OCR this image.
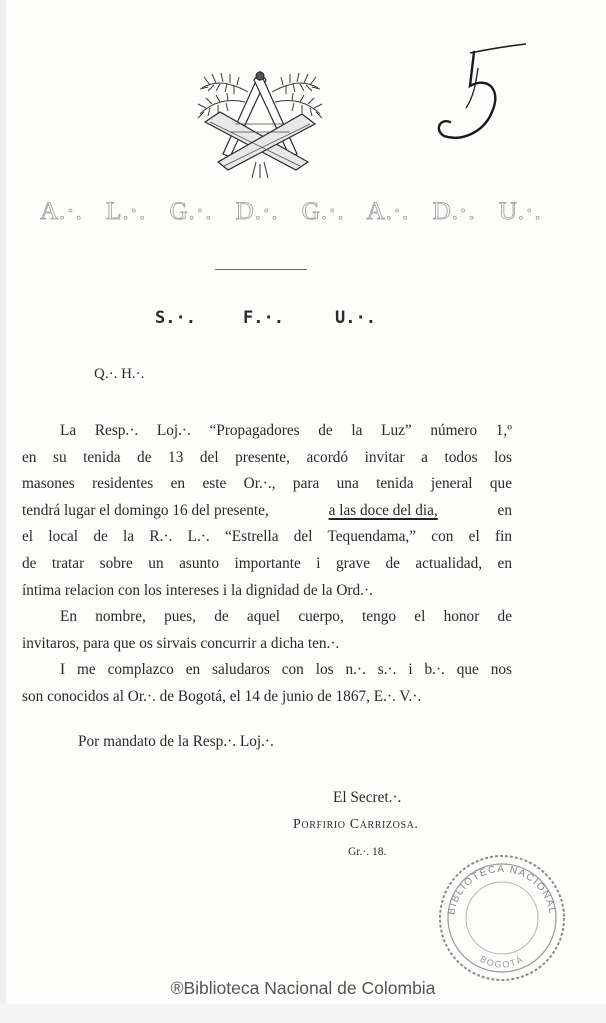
5
A.·. L.·. G.·. D.·. G.·. A.·. D.·. U.·.
S.·.	F.·.	U.·.
Q.·. H.·.
La Resp.·. Loj.·. “Propagadores de la Luz” número 1,º
en su tenida de 13 del presente, acordó invitar a todos los
masones residentes en este Or.·., para una tenida jeneral que
tendrá lugar el domingo 16 del presente,	a las doce del dia,	en
el local de la R.·. L.·. “Estrella del Tequendama,” con el fin
de tratar sobre un asunto importante i grave de actualidad, en
íntima relacion con los intereses i la dignidad de la Ord.·.
En nombre, pues, de aquel cuerpo, tengo el honor de
invitaros, para que os sirvais concurrir a dicha ten.·.
I me complazco en saludaros con los n.·. s.·. i b.·. que nos
son conocidos al Or.·. de Bogotá, el 14 de junio de 1867, E.·. V.·.
Por mandato de la Resp.·. Loj.·.
El Secret.·.
Porfirio Carrizosa.
Gr.·. 18.
BIBLIOTECA NACIONAL
BOGOTÁ
®Biblioteca Nacional de Colombia
